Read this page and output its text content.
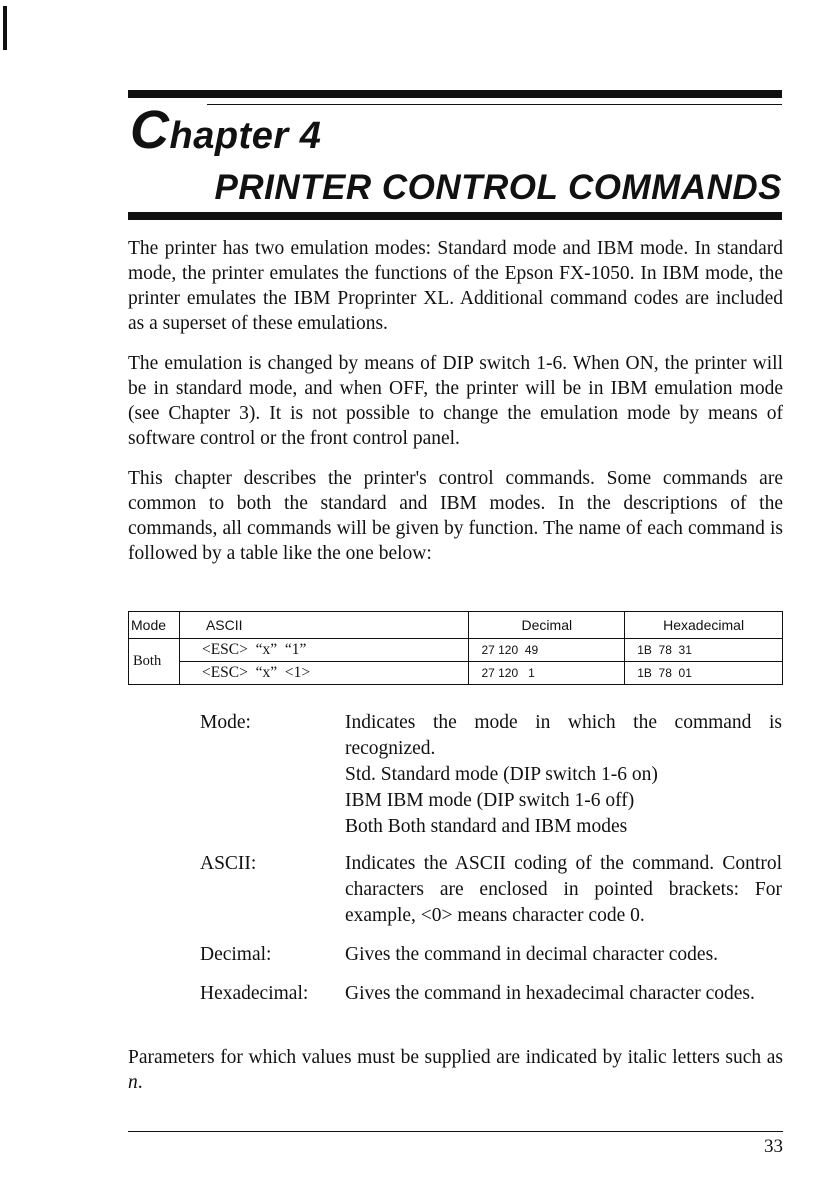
Chapter 4
PRINTER CONTROL COMMANDS

The printer has two emulation modes: Standard mode and IBM mode. In standard mode, the printer emulates the functions of the Epson FX-1050. In IBM mode, the printer emulates the IBM Proprinter XL. Additional command codes are included as a superset of these emulations.

The emulation is changed by means of DIP switch 1-6. When ON, the printer will be in standard mode, and when OFF, the printer will be in IBM emulation mode (see Chapter 3). It is not possible to change the emulation mode by means of software control or the front control panel.

This chapter describes the printer's control commands. Some commands are common to both the standard and IBM modes. In the descriptions of the commands, all commands will be given by function. The name of each command is followed by a table like the one below:

Mode	ASCII	Decimal	Hexadecimal
Both	<ESC>  “x”  “1”	27 120  49	1B  78  31
	<ESC>  “x”  <1>	27 120   1	1B  78  01
Mode:	Indicates the mode in which the command is recognized.
Std. Standard mode (DIP switch 1-6 on)
IBM IBM mode (DIP switch 1-6 off)
Both Both standard and IBM modes
ASCII:	Indicates the ASCII coding of the command. Control characters are enclosed in pointed brackets: For example, <0> means character code 0.
Decimal:	Gives the command in decimal character codes.
Hexadecimal: Gives the command in hexadecimal character codes.

Parameters for which values must be supplied are indicated by italic letters such as n.

33
